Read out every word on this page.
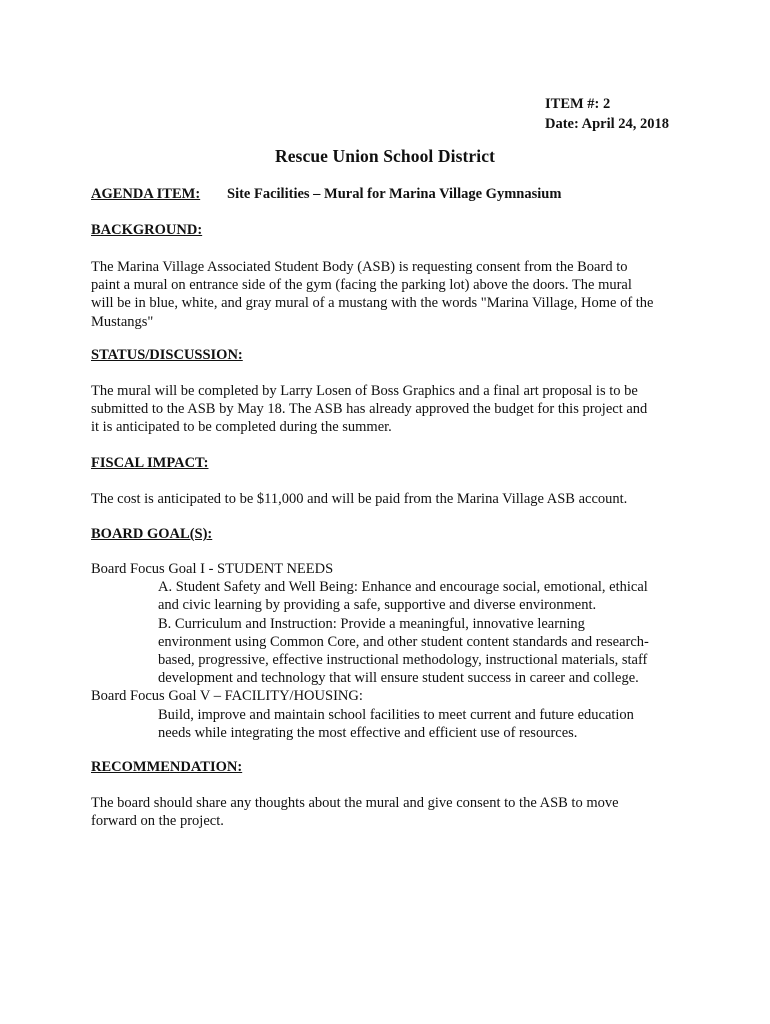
ITEM #: 2
Date: April 24, 2018
Rescue Union School District
AGENDA ITEM: Site Facilities – Mural for Marina Village Gymnasium
BACKGROUND:
The Marina Village Associated Student Body (ASB) is requesting consent from the Board to
paint a mural on entrance side of the gym (facing the parking lot) above the doors. The mural
will be in blue, white, and gray mural of a mustang with the words "Marina Village, Home of the
Mustangs"
STATUS/DISCUSSION:
The mural will be completed by Larry Losen of Boss Graphics and a final art proposal is to be
submitted to the ASB by May 18. The ASB has already approved the budget for this project and
it is anticipated to be completed during the summer.
FISCAL IMPACT:
The cost is anticipated to be $11,000 and will be paid from the Marina Village ASB account.
BOARD GOAL(S):
Board Focus Goal I - STUDENT NEEDS
A. Student Safety and Well Being: Enhance and encourage social, emotional, ethical
and civic learning by providing a safe, supportive and diverse environment.
B. Curriculum and Instruction: Provide a meaningful, innovative learning
environment using Common Core, and other student content standards and research-
based, progressive, effective instructional methodology, instructional materials, staff
development and technology that will ensure student success in career and college.
Board Focus Goal V – FACILITY/HOUSING:
Build, improve and maintain school facilities to meet current and future education
needs while integrating the most effective and efficient use of resources.
RECOMMENDATION:
The board should share any thoughts about the mural and give consent to the ASB to move
forward on the project.
